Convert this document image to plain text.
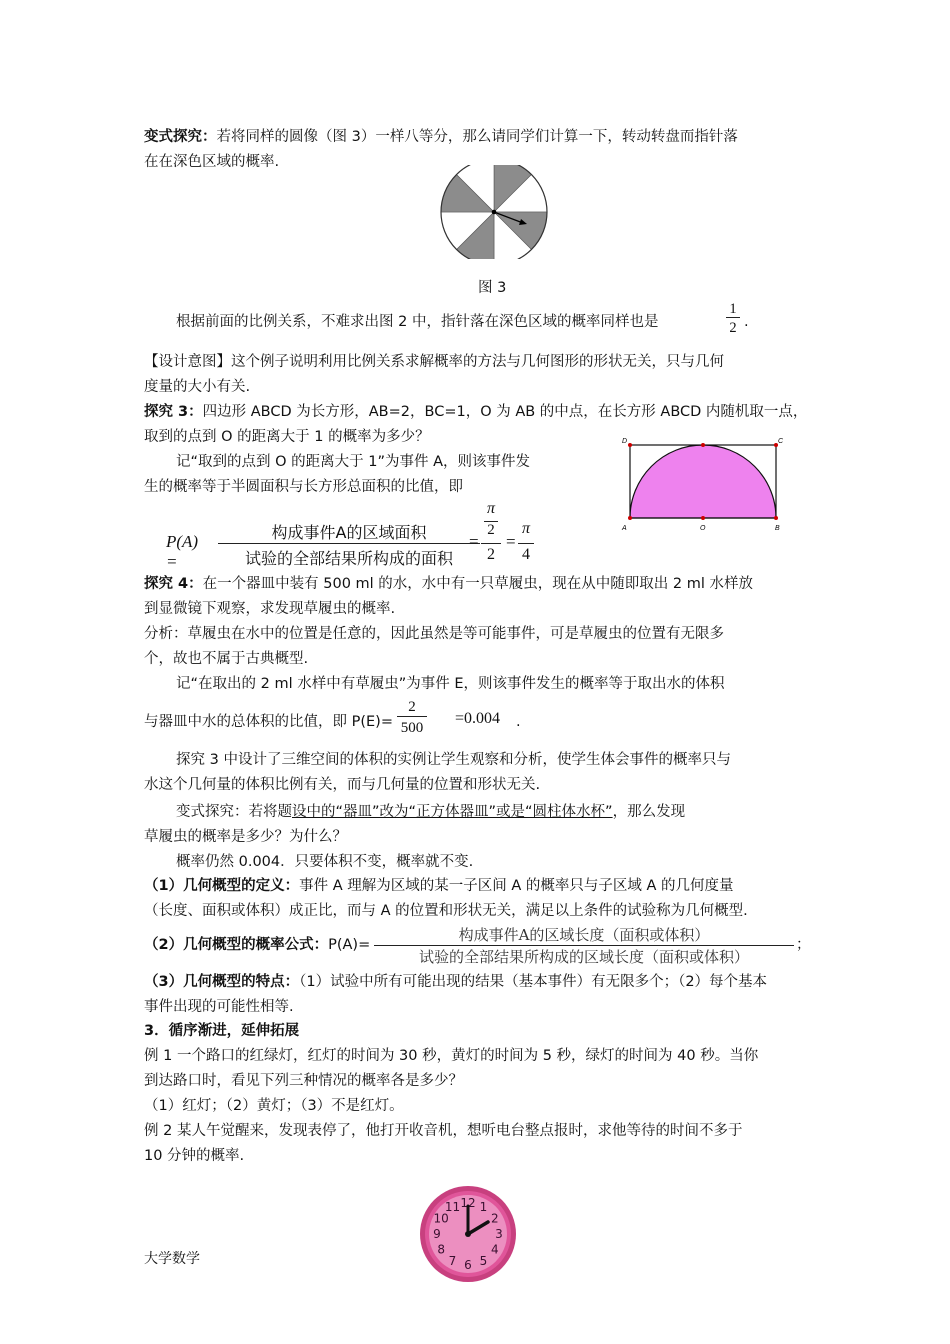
变式探究：若将同样的圆像（图 3）一样八等分，那么请同学们计算一下，转动转盘而指针落
在在深色区域的概率.
图 3
根据前面的比例关系，不难求出图 2 中，指针落在深色区域的概率同样也是
1
2 .
【设计意图】这个例子说明利用比例关系求解概率的方法与几何图形的形状无关，只与几何
度量的大小有关.
探究 3：四边形 ABCD 为长方形，AB=2，BC=1，O 为 AB 的中点，在长方形 ABCD 内随机取一点，
取到的点到 O 的距离大于 1 的概率为多少？
记“取到的点到 O 的距离大于 1”为事件 A，则该事件发
生的概率等于半圆面积与长方形总面积的比值，即
D	C
A	O	B
P(A) =
构成事件A的区域面积
试验的全部结果所构成的面积
=
π
2
2
=
π
4
探究 4：在一个器皿中装有 500 ml 的水，水中有一只草履虫，现在从中随即取出 2 ml 水样放
到显微镜下观察，求发现草履虫的概率.
分析：草履虫在水中的位置是任意的，因此虽然是等可能事件，可是草履虫的位置有无限多
个，故也不属于古典概型.
记“在取出的 2 ml 水样中有草履虫”为事件 E，则该事件发生的概率等于取出水的体积
与器皿中水的总体积的比值，即 P(E)=
2
500
=0.004 .
探究 3 中设计了三维空间的体积的实例让学生观察和分析，使学生体会事件的概率只与
水这个几何量的体积比例有关，而与几何量的位置和形状无关.
变式探究：若将题设中的“器皿”改为“正方体器皿”或是“圆柱体水杯”，那么发现
草履虫的概率是多少？为什么？
概率仍然 0.004．只要体积不变，概率就不变.
（1）几何概型的定义：事件 A 理解为区域的某一子区间 A 的概率只与子区域 A 的几何度量
（长度、面积或体积）成正比，而与 A 的位置和形状无关，满足以上条件的试验称为几何概型.
（2）几何概型的概率公式：P(A)=
构成事件A的区域长度（面积或体积）
试验的全部结果所构成的区域长度（面积或体积）
；
（3）几何概型的特点：（1）试验中所有可能出现的结果（基本事件）有无限多个；（2）每个基本
事件出现的可能性相等.
3．循序渐进，延伸拓展
例 1 一个路口的红绿灯，红灯的时间为 30 秒，黄灯的时间为 5 秒，绿灯的时间为 40 秒。当你
到达路口时，看见下列三种情况的概率各是多少？
（1）红灯；（2）黄灯；（3）不是红灯。
例 2 某人午觉醒来，发现表停了，他打开收音机，想听电台整点报时，求他等待的时间不多于
10 分钟的概率.
12 1
2
3
4
5
6
7
8
9
10
11
大学数学
